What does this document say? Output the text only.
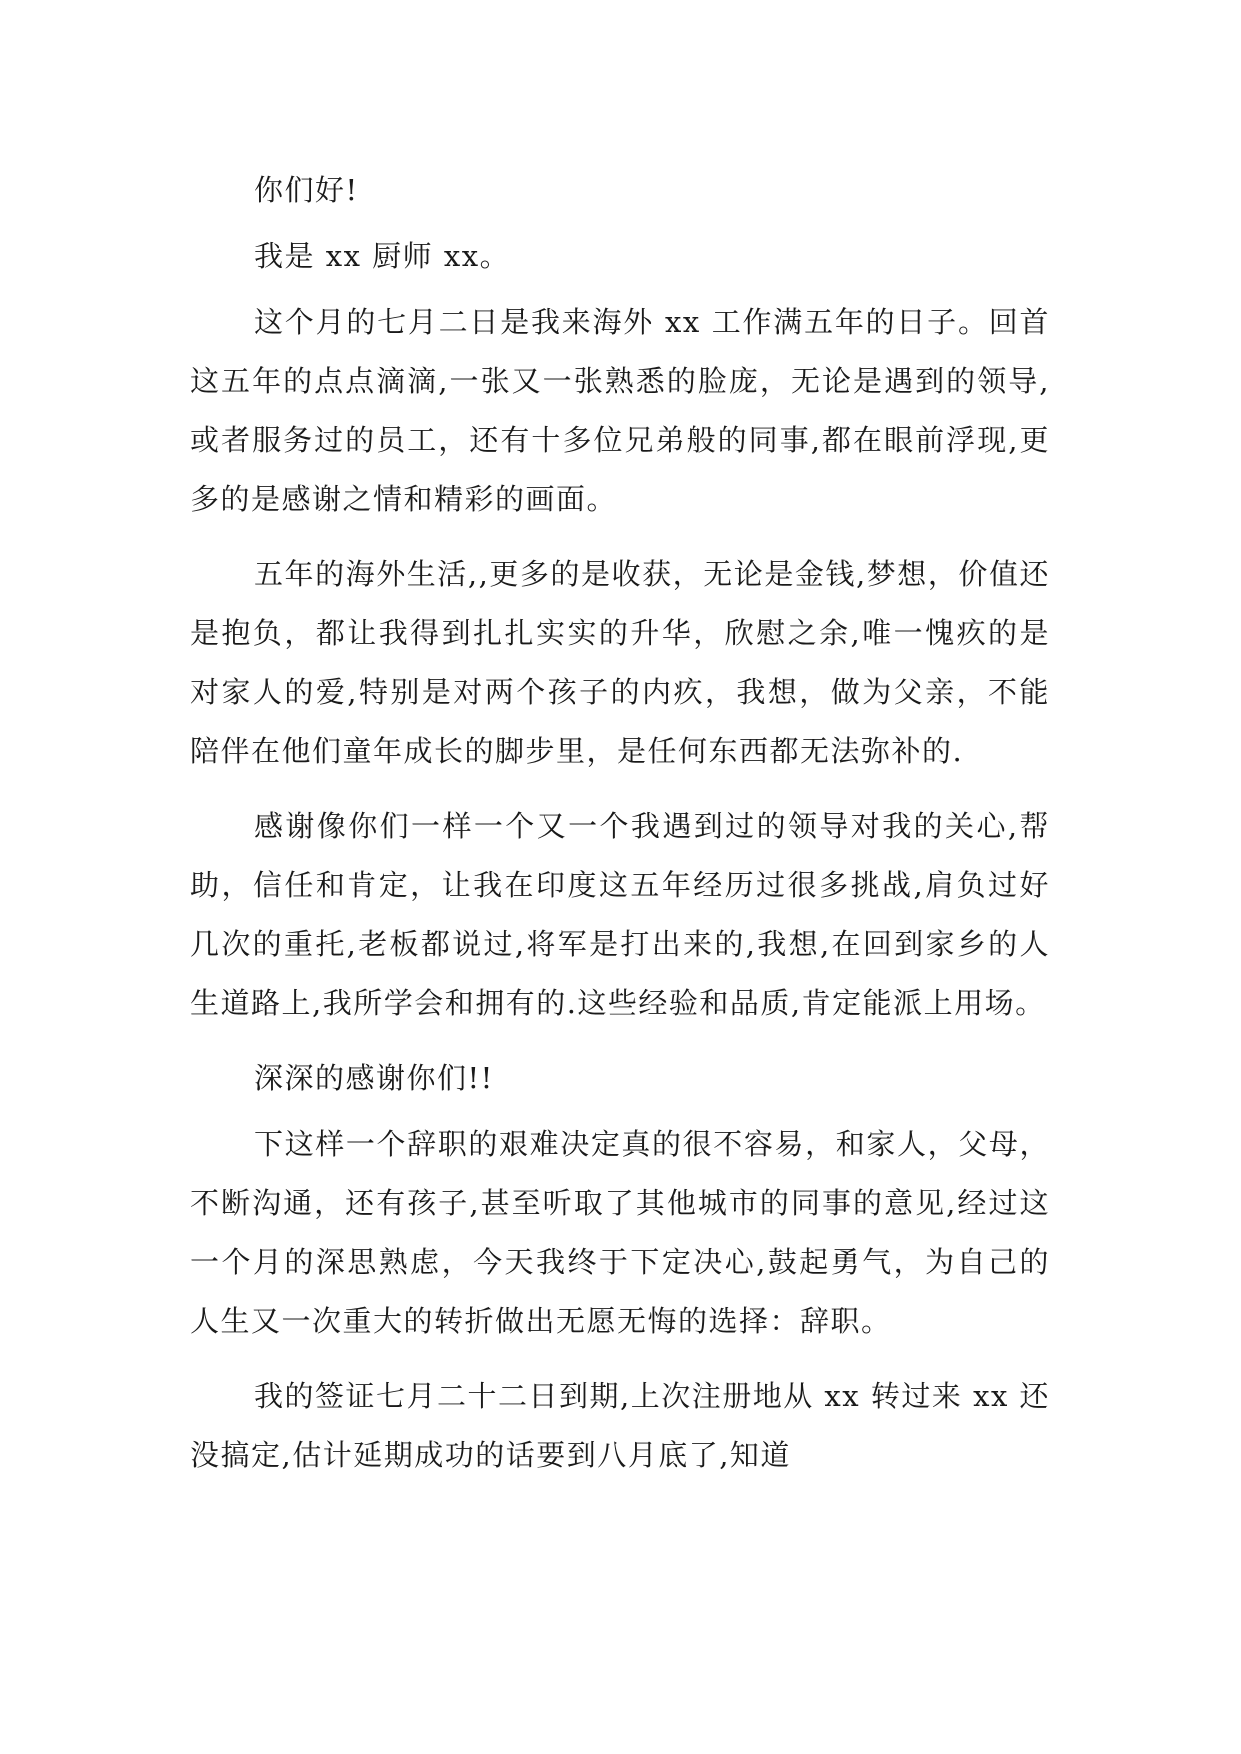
你们好!

我是 xx 厨师 xx。

这个月的七月二日是我来海外 xx 工作满五年的日子。回首这五年的点点滴滴,一张又一张熟悉的脸庞，无论是遇到的领导,或者服务过的员工，还有十多位兄弟般的同事,都在眼前浮现,更多的是感谢之情和精彩的画面。

五年的海外生活,,更多的是收获，无论是金钱,梦想，价值还是抱负，都让我得到扎扎实实的升华，欣慰之余,唯一愧疚的是对家人的爱,特别是对两个孩子的内疚，我想，做为父亲，不能陪伴在他们童年成长的脚步里，是任何东西都无法弥补的.

感谢像你们一样一个又一个我遇到过的领导对我的关心,帮助，信任和肯定，让我在印度这五年经历过很多挑战,肩负过好几次的重托,老板都说过,将军是打出来的,我想,在回到家乡的人生道路上,我所学会和拥有的.这些经验和品质,肯定能派上用场。

深深的感谢你们!!

下这样一个辞职的艰难决定真的很不容易，和家人，父母，不断沟通，还有孩子,甚至听取了其他城市的同事的意见,经过这一个月的深思熟虑，今天我终于下定决心,鼓起勇气，为自己的人生又一次重大的转折做出无愿无悔的选择：辞职。

我的签证七月二十二日到期,上次注册地从 xx 转过来 xx 还没搞定,估计延期成功的话要到八月底了,知道
